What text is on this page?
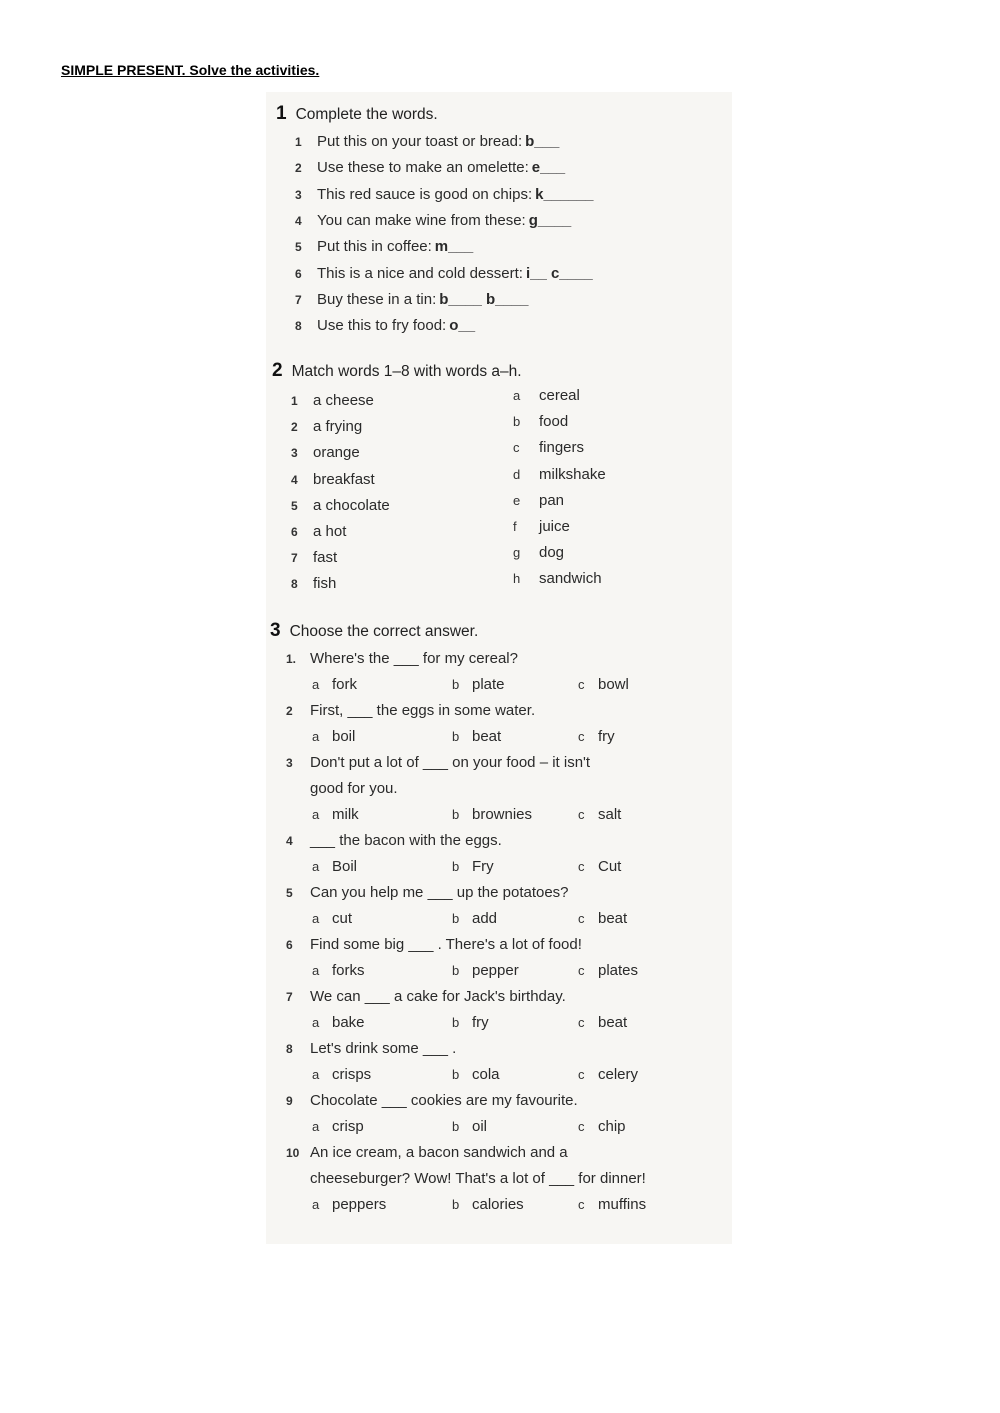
SIMPLE PRESENT. Solve the activities.
1 Complete the words.
1	Put this on your toast or bread: b___
2	Use these to make an omelette: e___
3	This red sauce is good on chips: k______
4	You can make wine from these: g____
5	Put this in coffee: m___
6	This is a nice and cold dessert: i__ c____
7	Buy these in a tin: b____ b____
8	Use this to fry food: o__
2 Match words 1–8 with words a–h.
1	a cheese
2	a frying
3	orange
4	breakfast
5	a chocolate
6	a hot
7	fast
8	fish
a	cereal
b	food
c	fingers
d	milkshake
e	pan
f	juice
g	dog
h	sandwich
3 Choose the correct answer.
1. Where's the ___ for my cereal?
a fork	b plate	c bowl
2	First, ___ the eggs in some water.
a boil	b beat	c fry
3	Don't put a lot of ___ on your food – it isn't
good for you.
a milk	b brownies	c salt
4	___ the bacon with the eggs.
a Boil	b Fry	c Cut
5	Can you help me ___ up the potatoes?
a cut	b add	c beat
6	Find some big ___ . There's a lot of food!
a forks	b pepper	c plates
7	We can ___ a cake for Jack's birthday.
a bake	b fry	c beat
8	Let's drink some ___ .
a crisps	b cola	c celery
9	Chocolate ___ cookies are my favourite.
a crisp	b oil	c chip
10 An ice cream, a bacon sandwich and a
cheeseburger? Wow! That's a lot of ___ for dinner!
a peppers	b calories	c muffins
